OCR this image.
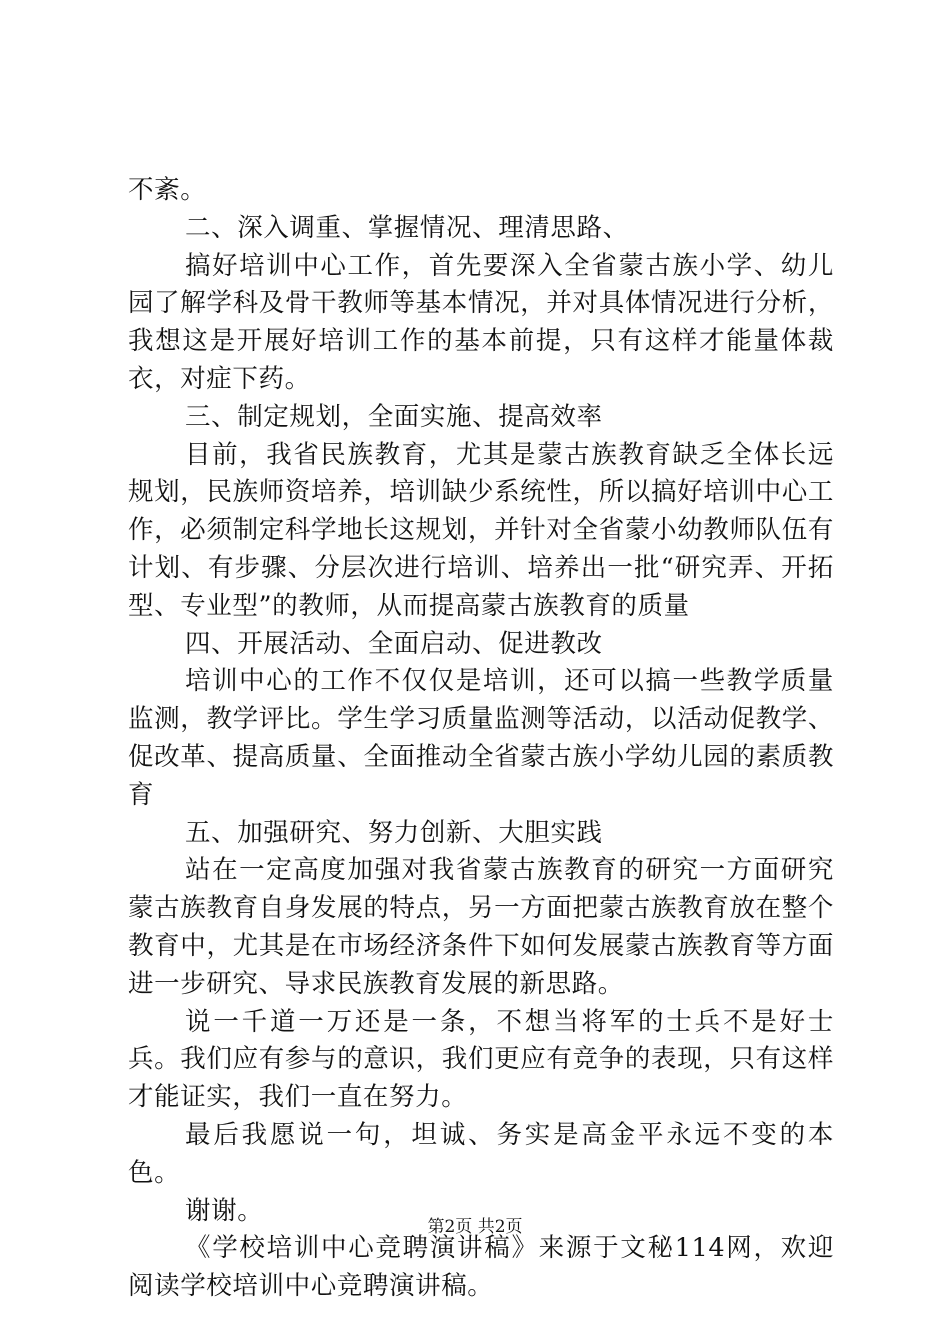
不紊。

二、深入调重、掌握情况、理清思路、

搞好培训中心工作，首先要深入全省蒙古族小学、幼儿园了解学科及骨干教师等基本情况，并对具体情况进行分析，我想这是开展好培训工作的基本前提，只有这样才能量体裁衣，对症下药。

三、制定规划，全面实施、提高效率

目前，我省民族教育，尤其是蒙古族教育缺乏全体长远规划，民族师资培养，培训缺少系统性，所以搞好培训中心工作，必须制定科学地长这规划，并针对全省蒙小幼教师队伍有计划、有步骤、分层次进行培训、培养出一批“研究弄、开拓型、专业型”的教师，从而提高蒙古族教育的质量

四、开展活动、全面启动、促进教改

培训中心的工作不仅仅是培训，还可以搞一些教学质量监测，教学评比。学生学习质量监测等活动，以活动促教学、促改革、提高质量、全面推动全省蒙古族小学幼儿园的素质教育

五、加强研究、努力创新、大胆实践

站在一定高度加强对我省蒙古族教育的研究一方面研究蒙古族教育自身发展的特点，另一方面把蒙古族教育放在整个教育中，尤其是在市场经济条件下如何发展蒙古族教育等方面进一步研究、导求民族教育发展的新思路。

说一千道一万还是一条，不想当将军的士兵不是好士兵。我们应有参与的意识，我们更应有竞争的表现，只有这样才能证实，我们一直在努力。

最后我愿说一句，坦诚、务实是高金平永远不变的本色。

谢谢。

《学校培训中心竞聘演讲稿》来源于文秘114网，欢迎阅读学校培训中心竞聘演讲稿。

第2页 共2页
